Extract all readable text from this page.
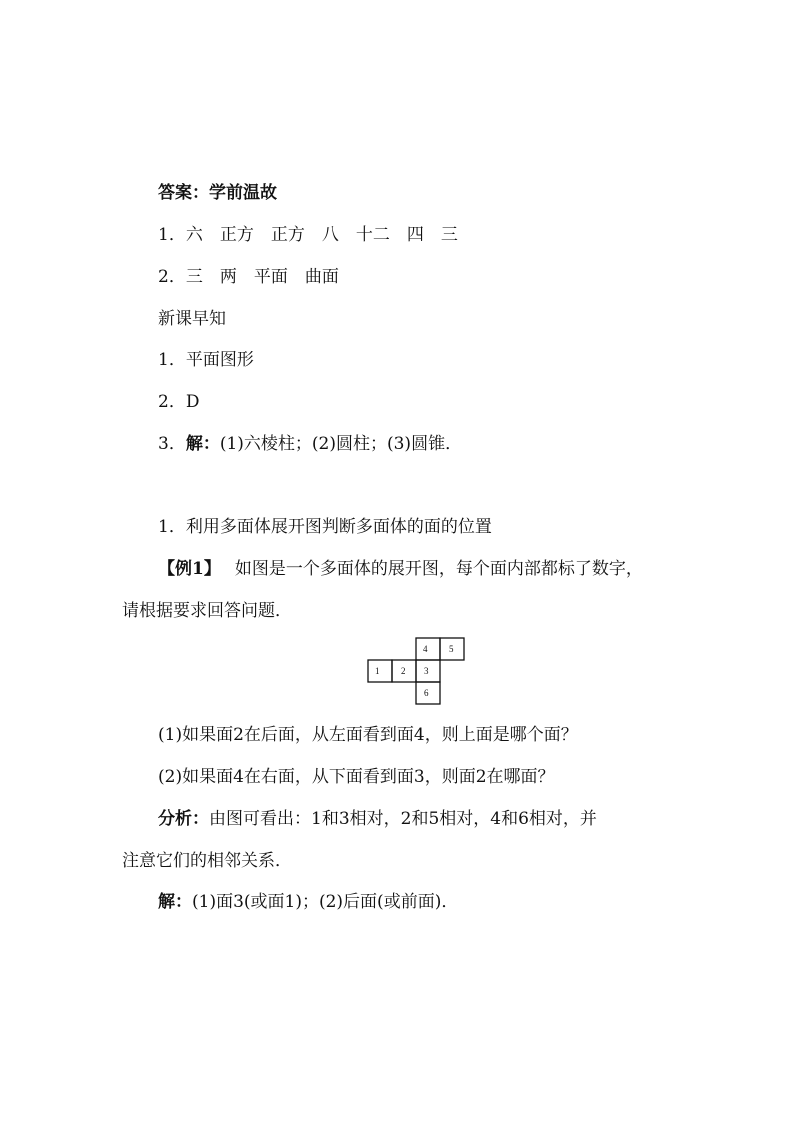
答案：学前温故
1．六　正方　正方　八　十二　四　三
2．三　两　平面　曲面
新课早知
1．平面图形
2．D
3．解：(1)六棱柱；(2)圆柱；(3)圆锥．
1．利用多面体展开图判断多面体的面的位置
【例1】 如图是一个多面体的展开图，每个面内部都标了数字，
请根据要求回答问题．
4 5
1 2 3
6
(1)如果面2在后面，从左面看到面4，则上面是哪个面？
(2)如果面4在右面，从下面看到面3，则面2在哪面？
分析：由图可看出：1和3相对，2和5相对，4和6相对，并
注意它们的相邻关系．
解：(1)面3(或面1)；(2)后面(或前面)．
